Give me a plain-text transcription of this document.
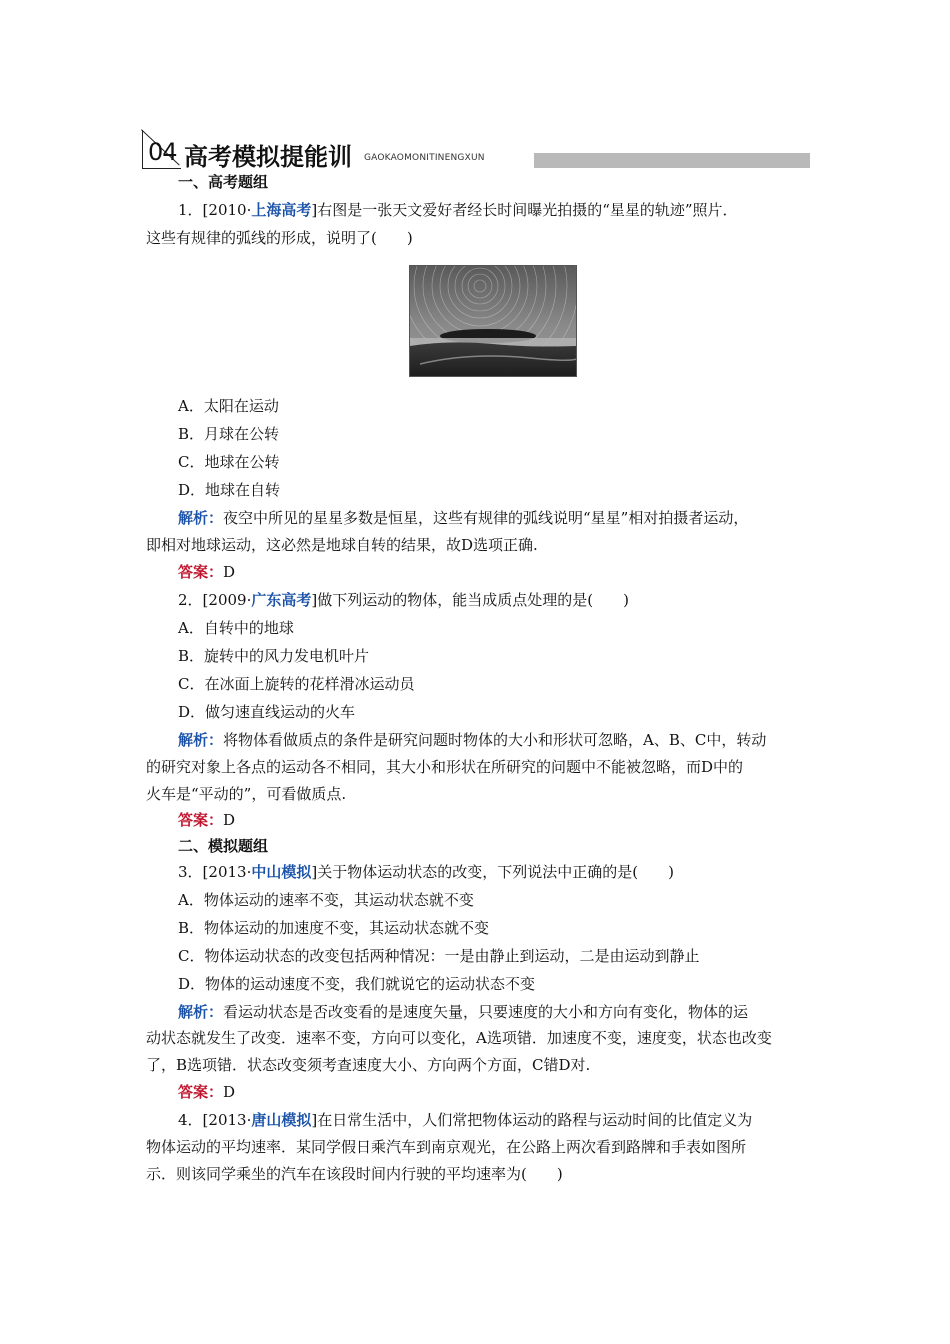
04 高考模拟提能训 GAOKAOMONITINENGXUN
一、高考题组
1．[2010·上海高考]右图是一张天文爱好者经长时间曝光拍摄的“星星的轨迹”照片．
这些有规律的弧线的形成，说明了(　　)
A．太阳在运动
B．月球在公转
C．地球在公转
D．地球在自转
解析：夜空中所见的星星多数是恒星，这些有规律的弧线说明“星星”相对拍摄者运动，
即相对地球运动，这必然是地球自转的结果，故D选项正确.
答案：D
2．[2009·广东高考]做下列运动的物体，能当成质点处理的是(　　)
A．自转中的地球
B．旋转中的风力发电机叶片
C．在冰面上旋转的花样滑冰运动员
D．做匀速直线运动的火车
解析：将物体看做质点的条件是研究问题时物体的大小和形状可忽略，A、B、C中，转动
的研究对象上各点的运动各不相同，其大小和形状在所研究的问题中不能被忽略，而D中的
火车是“平动的”，可看做质点.
答案：D
二、模拟题组
3．[2013·中山模拟]关于物体运动状态的改变，下列说法中正确的是(　　)
A．物体运动的速率不变，其运动状态就不变
B．物体运动的加速度不变，其运动状态就不变
C．物体运动状态的改变包括两种情况：一是由静止到运动，二是由运动到静止
D．物体的运动速度不变，我们就说它的运动状态不变
解析：看运动状态是否改变看的是速度矢量，只要速度的大小和方向有变化，物体的运
动状态就发生了改变．速率不变，方向可以变化，A选项错．加速度不变，速度变，状态也改变
了，B选项错．状态改变须考查速度大小、方向两个方面，C错D对.
答案：D
4．[2013·唐山模拟]在日常生活中，人们常把物体运动的路程与运动时间的比值定义为
物体运动的平均速率．某同学假日乘汽车到南京观光，在公路上两次看到路牌和手表如图所
示．则该同学乘坐的汽车在该段时间内行驶的平均速率为(　　)
